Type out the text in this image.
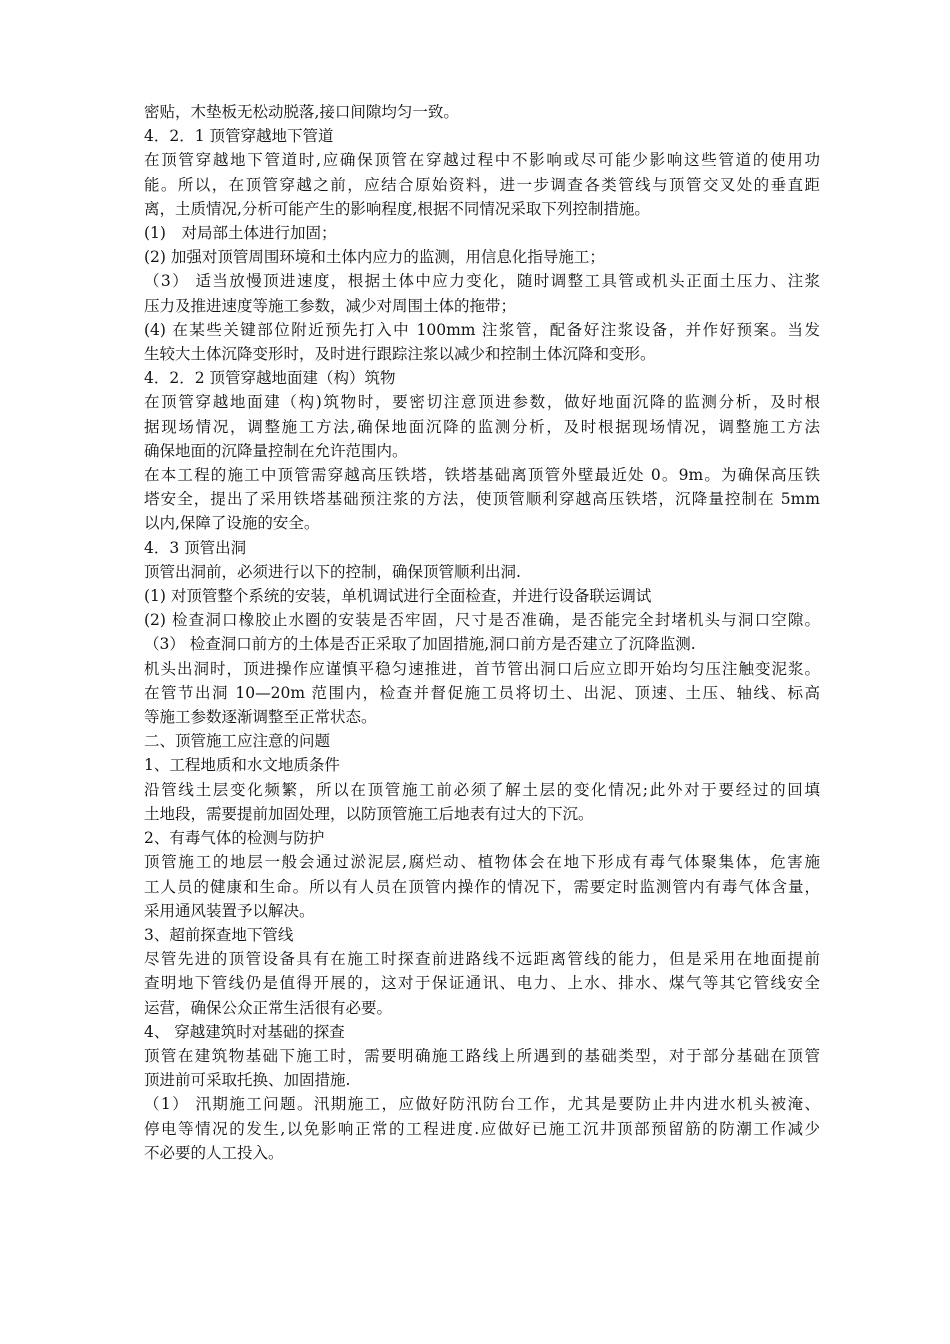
密贴，木垫板无松动脱落,接口间隙均匀一致。

4．2．1 顶管穿越地下管道

在顶管穿越地下管道时,应确保顶管在穿越过程中不影响或尽可能少影响这些管道的使用功

能。所以，在顶管穿越之前，应结合原始资料，进一步调查各类管线与顶管交叉处的垂直距

离，土质情况,分析可能产生的影响程度,根据不同情况采取下列控制措施。

(1)　对局部土体进行加固；

(2) 加强对顶管周围环境和土体内应力的监测，用信息化指导施工；

（3） 适当放慢顶进速度，根据土体中应力变化，随时调整工具管或机头正面土压力、注浆

压力及推进速度等施工参数，减少对周围土体的拖带；

(4) 在某些关键部位附近预先打入中 100mm 注浆管，配备好注浆设备，并作好预案。当发

生较大土体沉降变形时，及时进行跟踪注浆以减少和控制土体沉降和变形。

4．2．2 顶管穿越地面建（构）筑物

在顶管穿越地面建（构)筑物时，要密切注意顶进参数，做好地面沉降的监测分析，及时根

据现场情况，调整施工方法,确保地面沉降的监测分析，及时根据现场情况，调整施工方法

确保地面的沉降量控制在允许范围内。

在本工程的施工中顶管需穿越高压铁塔，铁塔基础离顶管外壁最近处 0。9m。为确保高压铁

塔安全，提出了采用铁塔基础预注浆的方法，使顶管顺利穿越高压铁塔，沉降量控制在 5mm

以内,保障了设施的安全。

4．3 顶管出洞

顶管出洞前，必须进行以下的控制，确保顶管顺利出洞.

(1) 对顶管整个系统的安装，单机调试进行全面检查，并进行设备联运调试

(2) 检查洞口橡胶止水圈的安装是否牢固，尺寸是否准确，是否能完全封堵机头与洞口空隙。

（3） 检查洞口前方的土体是否正采取了加固措施,洞口前方是否建立了沉降监测.

机头出洞时，顶进操作应谨慎平稳匀速推进，首节管出洞口后应立即开始均匀压注触变泥浆。

在管节出洞 10—20m 范围内，检查并督促施工员将切土、出泥、顶速、土压、轴线、标高

等施工参数逐渐调整至正常状态。

二、顶管施工应注意的问题

1、工程地质和水文地质条件

沿管线土层变化频繁，所以在顶管施工前必须了解土层的变化情况;此外对于要经过的回填

土地段，需要提前加固处理，以防顶管施工后地表有过大的下沉。

2、有毒气体的检测与防护

顶管施工的地层一般会通过淤泥层,腐烂动、植物体会在地下形成有毒气体聚集体，危害施

工人员的健康和生命。所以有人员在顶管内操作的情况下，需要定时监测管内有毒气体含量，

采用通风装置予以解决。

3、超前探查地下管线

尽管先进的顶管设备具有在施工时探查前进路线不远距离管线的能力，但是采用在地面提前

查明地下管线仍是值得开展的，这对于保证通讯、电力、上水、排水、煤气等其它管线安全

运营，确保公众正常生活很有必要。

4、 穿越建筑时对基础的探查

顶管在建筑物基础下施工时，需要明确施工路线上所遇到的基础类型，对于部分基础在顶管

顶进前可采取托换、加固措施.

（1） 汛期施工问题。汛期施工，应做好防汛防台工作，尤其是要防止井内进水机头被淹、

停电等情况的发生,以免影响正常的工程进度.应做好已施工沉井顶部预留筋的防潮工作减少

不必要的人工投入。
